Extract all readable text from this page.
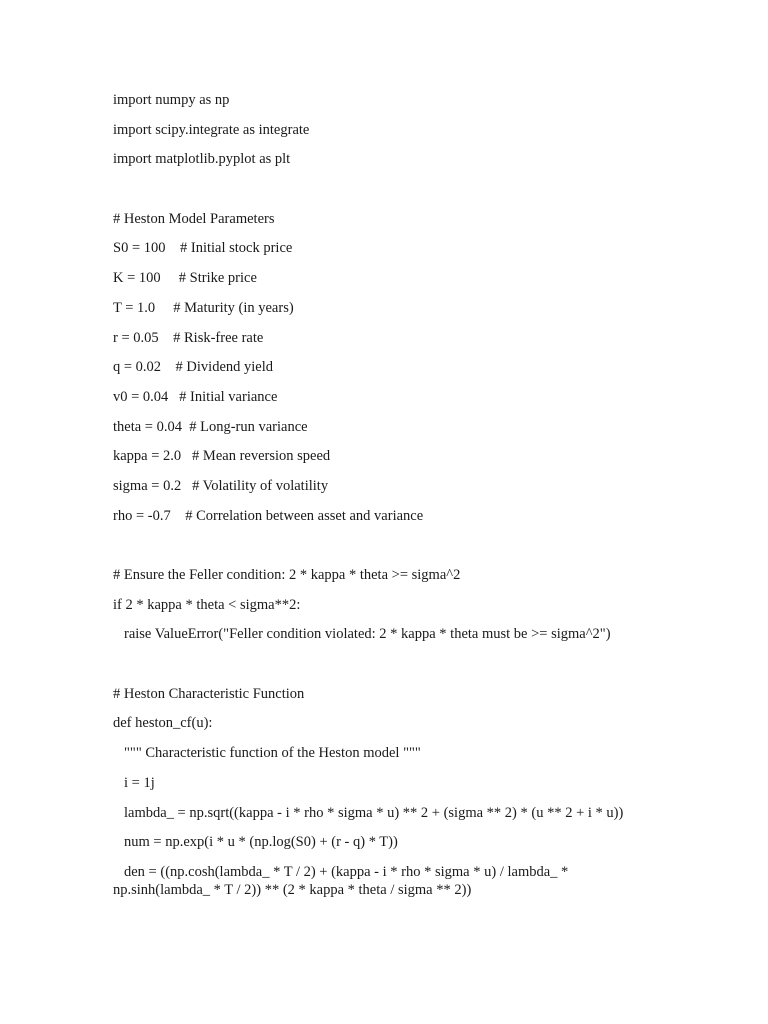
import numpy as np
import scipy.integrate as integrate
import matplotlib.pyplot as plt
# Heston Model Parameters
S0 = 100    # Initial stock price
K = 100     # Strike price
T = 1.0     # Maturity (in years)
r = 0.05    # Risk-free rate
q = 0.02    # Dividend yield
v0 = 0.04   # Initial variance
theta = 0.04  # Long-run variance
kappa = 2.0   # Mean reversion speed
sigma = 0.2   # Volatility of volatility
rho = -0.7    # Correlation between asset and variance
# Ensure the Feller condition: 2 * kappa * theta >= sigma^2
if 2 * kappa * theta < sigma**2:
raise ValueError("Feller condition violated: 2 * kappa * theta must be >= sigma^2")
# Heston Characteristic Function
def heston_cf(u):
""" Characteristic function of the Heston model """
i = 1j
lambda_ = np.sqrt((kappa - i * rho * sigma * u) ** 2 + (sigma ** 2) * (u ** 2 + i * u))
num = np.exp(i * u * (np.log(S0) + (r - q) * T))
den = ((np.cosh(lambda_ * T / 2) + (kappa - i * rho * sigma * u) / lambda_ *
np.sinh(lambda_ * T / 2)) ** (2 * kappa * theta / sigma ** 2))
